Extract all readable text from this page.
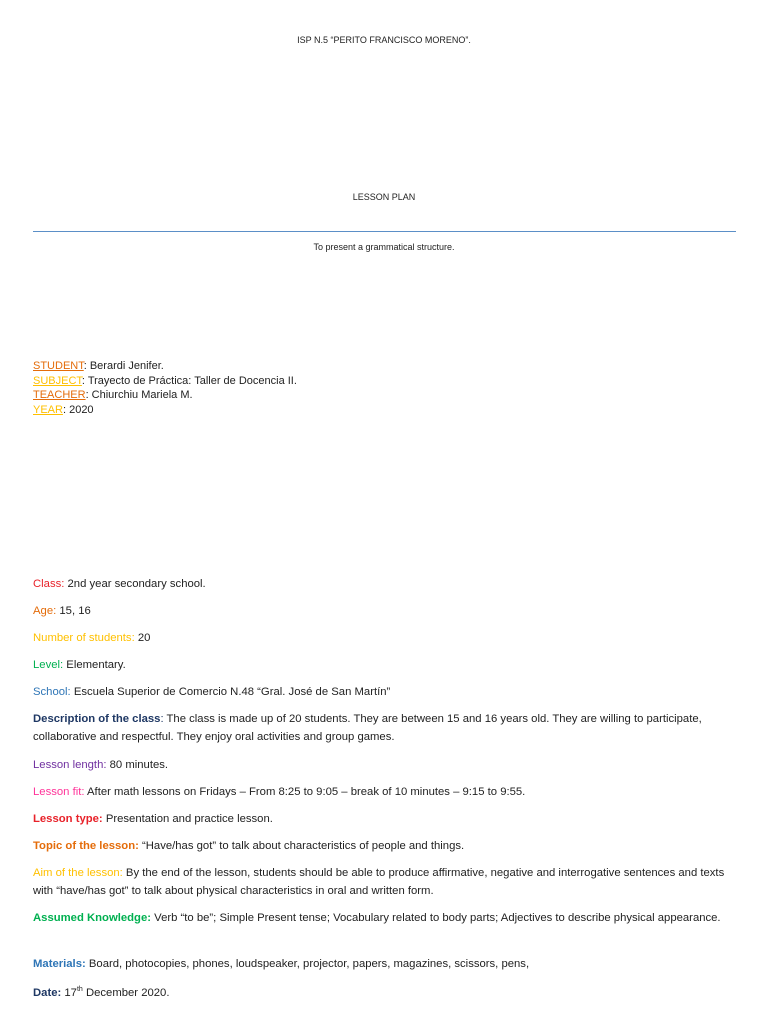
ISP N.5 “PERITO FRANCISCO MORENO”.
LESSON PLAN
To present a grammatical structure.
STUDENT: Berardi Jenifer.
SUBJECT: Trayecto de Práctica: Taller de Docencia II.
TEACHER: Chiurchiu Mariela M.
YEAR: 2020
Class: 2nd year secondary school.
Age: 15, 16
Number of students: 20
Level: Elementary.
School: Escuela Superior de Comercio N.48 “Gral. José de San Martín”
Description of the class: The class is made up of 20 students. They are between 15 and 16 years old. They are willing to participate, collaborative and respectful. They enjoy oral activities and group games.
Lesson length: 80 minutes.
Lesson fit: After math lessons on Fridays – From 8:25 to 9:05 – break of 10 minutes – 9:15 to 9:55.
Lesson type: Presentation and practice lesson.
Topic of the lesson: “Have/has got” to talk about characteristics of people and things.
Aim of the lesson: By the end of the lesson, students should be able to produce affirmative, negative and interrogative sentences and texts with “have/has got” to talk about physical characteristics in oral and written form.
Assumed Knowledge: Verb “to be”; Simple Present tense; Vocabulary related to body parts; Adjectives to describe physical appearance.
Materials: Board, photocopies, phones, loudspeaker, projector, papers, magazines, scissors, pens,
Date: 17th December 2020.
